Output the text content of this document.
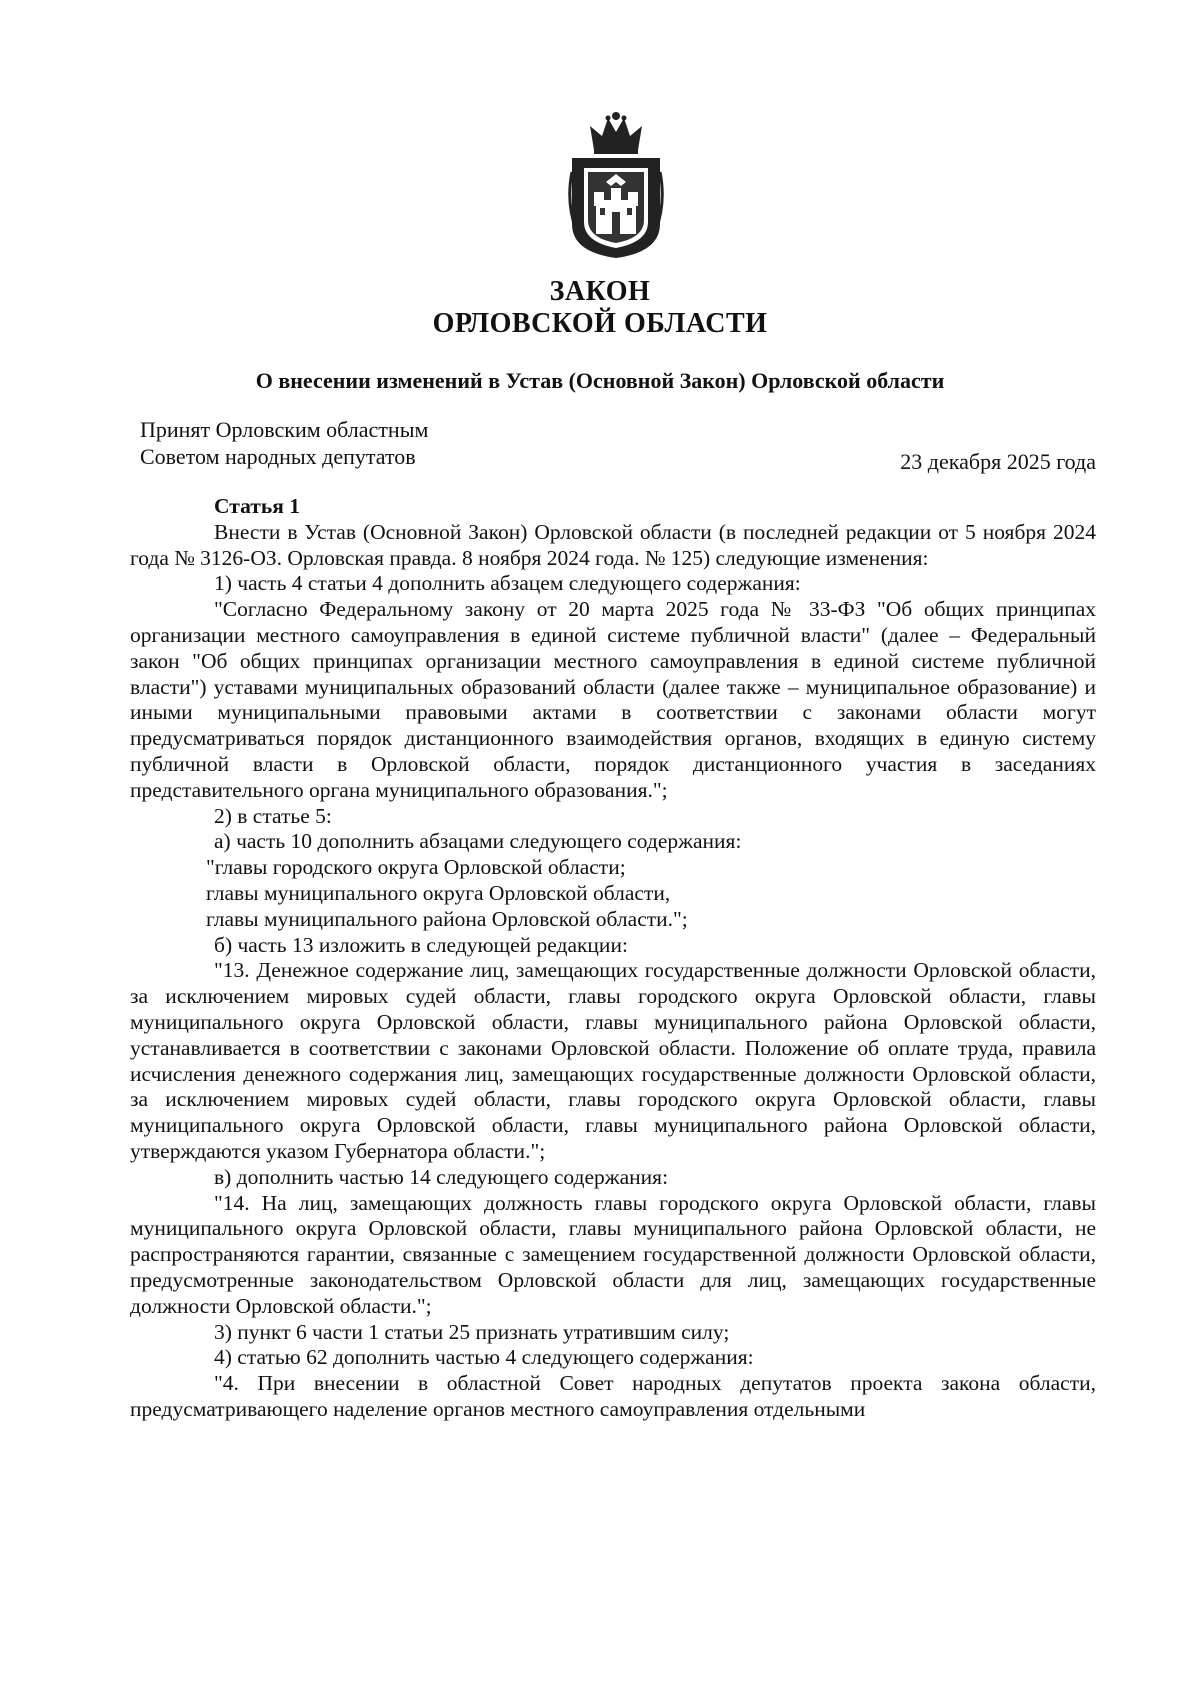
ЗАКОН
ОРЛОВСКОЙ ОБЛАСТИ
О внесении изменений в Устав (Основной Закон) Орловской области
Принят Орловским областным
Советом народных депутатов	23 декабря 2025 года

Статья 1

Внести в Устав (Основной Закон) Орловской области (в последней редакции от 5 ноября 2024 года № 3126-ОЗ. Орловская правда. 8 ноября 2024 года. № 125) следующие изменения:

1) часть 4 статьи 4 дополнить абзацем следующего содержания:

"Согласно Федеральному закону от 20 марта 2025 года № 33-ФЗ "Об общих принципах организации местного самоуправления в единой системе публичной власти" (далее – Федеральный закон "Об общих принципах организации местного самоуправления в единой системе публичной власти") уставами муниципальных образований области (далее также – муниципальное образование) и иными муниципальными правовыми актами в соответствии с законами области могут предусматриваться порядок дистанционного взаимодействия органов, входящих в единую систему публичной власти в Орловской области, порядок дистанционного участия в заседаниях представительного органа муниципального образования.";

2) в статье 5:

а) часть 10 дополнить абзацами следующего содержания:

"главы городского округа Орловской области;

главы муниципального округа Орловской области,

главы муниципального района Орловской области.";

б) часть 13 изложить в следующей редакции:

"13. Денежное содержание лиц, замещающих государственные должности Орловской области, за исключением мировых судей области, главы городского округа Орловской области, главы муниципального округа Орловской области, главы муниципального района Орловской области, устанавливается в соответствии с законами Орловской области. Положение об оплате труда, правила исчисления денежного содержания лиц, замещающих государственные должности Орловской области, за исключением мировых судей области, главы городского округа Орловской области, главы муниципального округа Орловской области, главы муниципального района Орловской области, утверждаются указом Губернатора области.";

в) дополнить частью 14 следующего содержания:

"14. На лиц, замещающих должность главы городского округа Орловской области, главы муниципального округа Орловской области, главы муниципального района Орловской области, не распространяются гарантии, связанные с замещением государственной должности Орловской области, предусмотренные законодательством Орловской области для лиц, замещающих государственные должности Орловской области.";

3) пункт 6 части 1 статьи 25 признать утратившим силу;

4) статью 62 дополнить частью 4 следующего содержания:

"4. При внесении в областной Совет народных депутатов проекта закона области, предусматривающего наделение органов местного самоуправления отдельными
